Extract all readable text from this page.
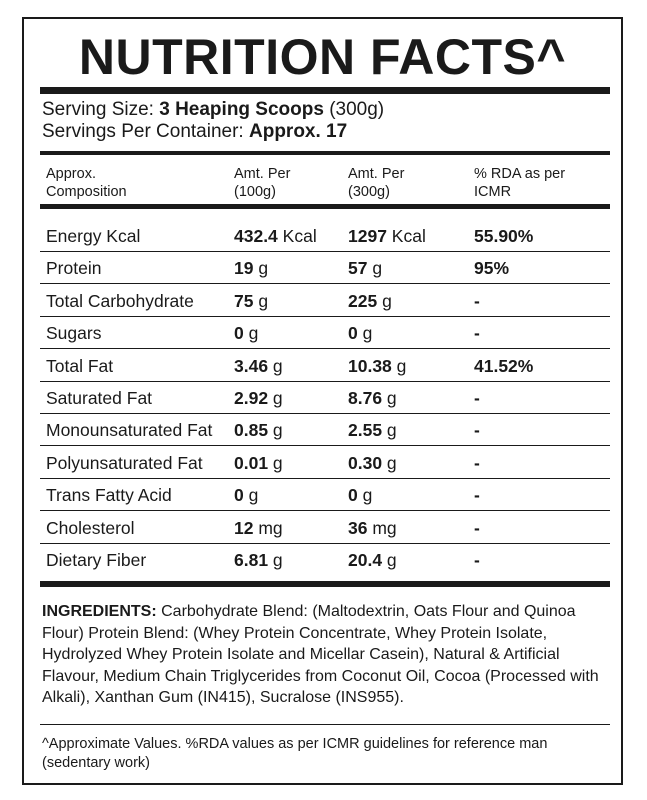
NUTRITION FACTS^
Serving Size: 3 Heaping Scoops (300g)
Servings Per Container: Approx. 17
Approx.
Composition
Amt. Per
(100g)
Amt. Per
(300g)
% RDA as per
ICMR
Energy Kcal	432.4 Kcal 1297 Kcal	55.90%
Protein	19 g	57 g	95%
Total Carbohydrate 75 g	225 g	-
Sugars	0 g	0 g	-
Total Fat	3.46 g	10.38 g	41.52%
Saturated Fat	2.92 g	8.76 g	-
Monounsaturated Fat 0.85 g	2.55 g	-
Polyunsaturated Fat 0.01 g	0.30 g	-
Trans Fatty Acid	0 g	0 g	-
Cholesterol	12 mg	36 mg	-
Dietary Fiber	6.81 g	20.4 g	-
INGREDIENTS: Carbohydrate Blend: (Maltodextrin, Oats Flour and Quinoa Flour) Protein Blend: (Whey Protein Concentrate, Whey Protein Isolate, Hydrolyzed Whey Protein Isolate and Micellar Casein), Natural & Artificial Flavour, Medium Chain Triglycerides from Coconut Oil, Cocoa (Processed with Alkali), Xanthan Gum (IN415), Sucralose (INS955).
^Approximate Values. %RDA values as per ICMR guidelines for reference man (sedentary work)
